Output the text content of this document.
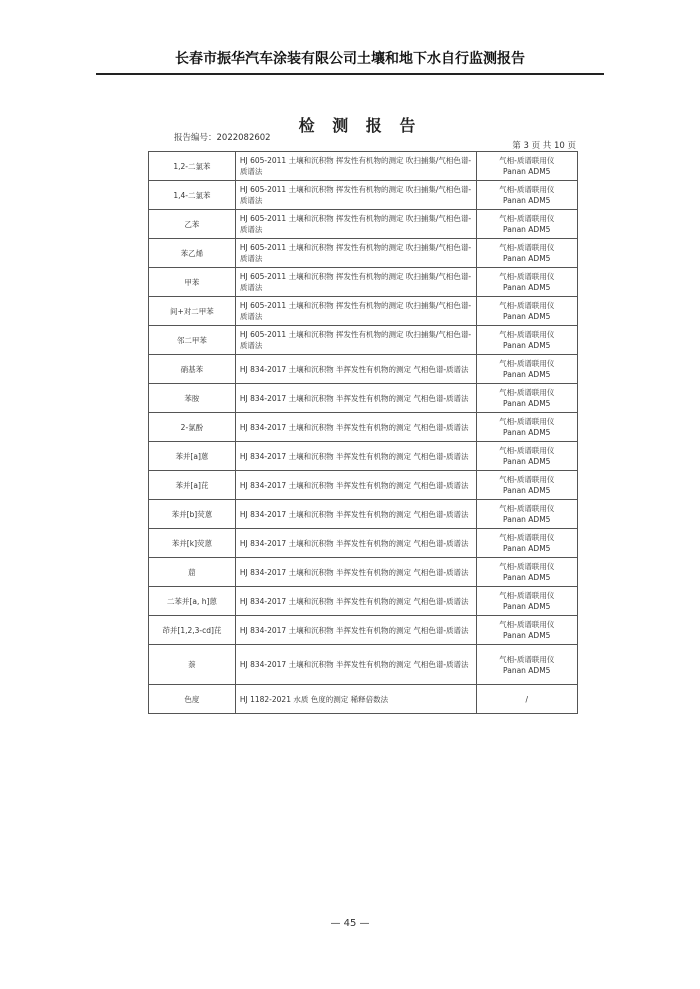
长春市振华汽车涂装有限公司土壤和地下水自行监测报告
检 测 报 告
报告编号：2022082602
第 3 页 共 10 页
1,2-二氯苯	HJ 605-2011 土壤和沉积物 挥发性有机物的测定 吹扫捕集/气相色谱-质谱法	气相-质谱联用仪
Panan ADM5

1,4-二氯苯	HJ 605-2011 土壤和沉积物 挥发性有机物的测定 吹扫捕集/气相色谱-质谱法	气相-质谱联用仪
Panan ADM5

乙苯	HJ 605-2011 土壤和沉积物 挥发性有机物的测定 吹扫捕集/气相色谱-质谱法	气相-质谱联用仪
Panan ADM5

苯乙烯	HJ 605-2011 土壤和沉积物 挥发性有机物的测定 吹扫捕集/气相色谱-质谱法	气相-质谱联用仪
Panan ADM5

甲苯	HJ 605-2011 土壤和沉积物 挥发性有机物的测定 吹扫捕集/气相色谱-质谱法	气相-质谱联用仪
Panan ADM5

间+对二甲苯	HJ 605-2011 土壤和沉积物 挥发性有机物的测定 吹扫捕集/气相色谱-质谱法	气相-质谱联用仪
Panan ADM5

邻二甲苯	HJ 605-2011 土壤和沉积物 挥发性有机物的测定 吹扫捕集/气相色谱-质谱法	气相-质谱联用仪
Panan ADM5

硝基苯	HJ 834-2017 土壤和沉积物 半挥发性有机物的测定 气相色谱-质谱法	气相-质谱联用仪
Panan ADM5

苯胺	HJ 834-2017 土壤和沉积物 半挥发性有机物的测定 气相色谱-质谱法	气相-质谱联用仪
Panan ADM5

2-氯酚	HJ 834-2017 土壤和沉积物 半挥发性有机物的测定 气相色谱-质谱法	气相-质谱联用仪
Panan ADM5

苯并[a]蒽	HJ 834-2017 土壤和沉积物 半挥发性有机物的测定 气相色谱-质谱法	气相-质谱联用仪
Panan ADM5

苯并[a]芘	HJ 834-2017 土壤和沉积物 半挥发性有机物的测定 气相色谱-质谱法	气相-质谱联用仪
Panan ADM5

苯并[b]荧蒽	HJ 834-2017 土壤和沉积物 半挥发性有机物的测定 气相色谱-质谱法	气相-质谱联用仪
Panan ADM5

苯并[k]荧蒽	HJ 834-2017 土壤和沉积物 半挥发性有机物的测定 气相色谱-质谱法	气相-质谱联用仪
Panan ADM5

䓛	HJ 834-2017 土壤和沉积物 半挥发性有机物的测定 气相色谱-质谱法	气相-质谱联用仪
Panan ADM5

二苯并[a, h]蒽	HJ 834-2017 土壤和沉积物 半挥发性有机物的测定 气相色谱-质谱法	气相-质谱联用仪
Panan ADM5

茚并[1,2,3-cd]芘	HJ 834-2017 土壤和沉积物 半挥发性有机物的测定 气相色谱-质谱法	气相-质谱联用仪
Panan ADM5

萘	HJ 834-2017 土壤和沉积物 半挥发性有机物的测定 气相色谱-质谱法	气相-质谱联用仪
Panan ADM5

色度	HJ 1182-2021 水质 色度的测定 稀释倍数法	/
— 45 —
